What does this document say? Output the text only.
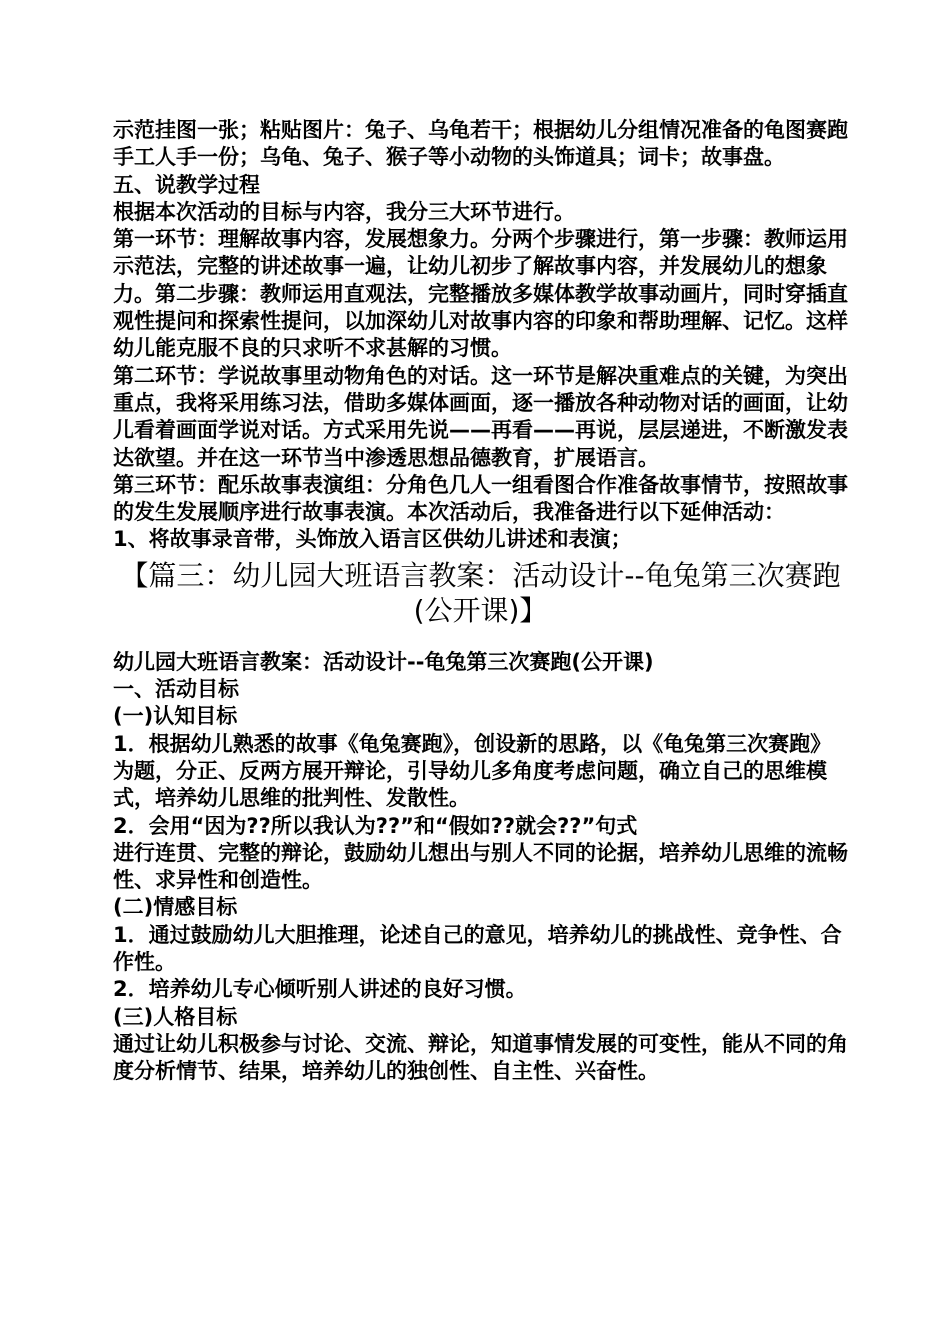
示范挂图一张；粘贴图片：兔子、乌龟若干；根据幼儿分组情况准备的龟图赛跑手工人手一份；乌龟、兔子、猴子等小动物的头饰道具；词卡；故事盘。

五、说教学过程

根据本次活动的目标与内容，我分三大环节进行。

第一环节：理解故事内容，发展想象力。分两个步骤进行，第一步骤：教师运用示范法，完整的讲述故事一遍，让幼儿初步了解故事内容，并发展幼儿的想象力。第二步骤：教师运用直观法，完整播放多媒体教学故事动画片，同时穿插直观性提问和探索性提问，以加深幼儿对故事内容的印象和帮助理解、记忆。这样幼儿能克服不良的只求听不求甚解的习惯。

第二环节：学说故事里动物角色的对话。这一环节是解决重难点的关键，为突出重点，我将采用练习法，借助多媒体画面，逐一播放各种动物对话的画面，让幼儿看着画面学说对话。方式采用先说——再看——再说，层层递进，不断激发表达欲望。并在这一环节当中渗透思想品德教育，扩展语言。

第三环节：配乐故事表演组：分角色几人一组看图合作准备故事情节，按照故事的发生发展顺序进行故事表演。本次活动后，我准备进行以下延伸活动：

1、将故事录音带，头饰放入语言区供幼儿讲述和表演；

【篇三：幼儿园大班语言教案：活动设计--龟兔第三次赛跑(公开课)】

幼儿园大班语言教案：活动设计--龟兔第三次赛跑(公开课)

一、活动目标

(一)认知目标

1．根据幼儿熟悉的故事《龟兔赛跑》，创设新的思路，以《龟兔第三次赛跑》为题，分正、反两方展开辩论，引导幼儿多角度考虑问题，确立自己的思维模式，培养幼儿思维的批判性、发散性。

2．会用“因为??所以我认为??”和“假如??就会??”句式

进行连贯、完整的辩论，鼓励幼儿想出与别人不同的论据，培养幼儿思维的流畅性、求异性和创造性。

(二)情感目标

1．通过鼓励幼儿大胆推理，论述自己的意见，培养幼儿的挑战性、竞争性、合作性。

2．培养幼儿专心倾听别人讲述的良好习惯。

(三)人格目标

通过让幼儿积极参与讨论、交流、辩论，知道事情发展的可变性，能从不同的角度分析情节、结果，培养幼儿的独创性、自主性、兴奋性。
